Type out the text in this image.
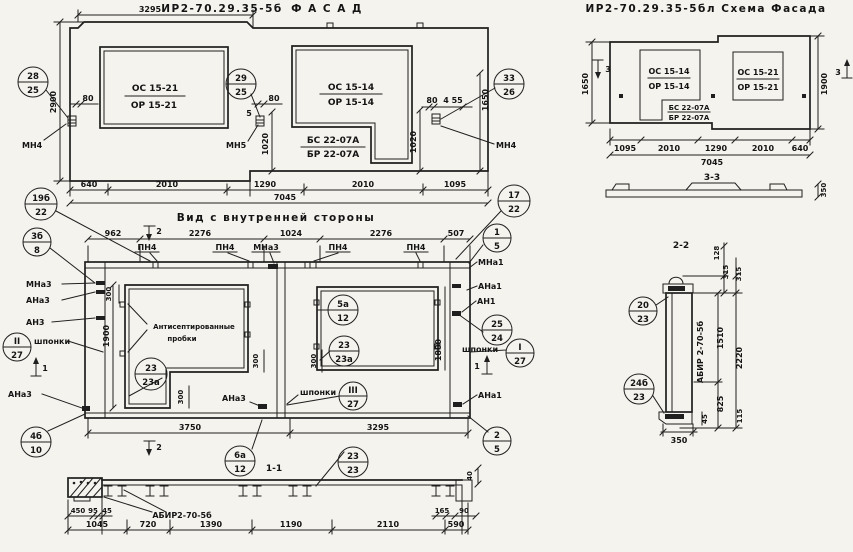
ИР2-70.29.35-5б Ф А С А Д
ОС 15-21
ОР 15-21
ОС 15-14
ОР 15-14
БС 22-07А
БР 22-07А
МН4	МН5	МН4
3295
2900	1650
80	80
5
80 4 55
1020	1020
640	2010	1290	2010	1095
7045
ИР2-70.29.35-5бл Схема Фасада
ОС 15-14
ОР 15-14
ОС 15-21
ОР 15-21
БС 22-07А
БР 22-07А
1650	1900
3	3
1095	2010	1290	2010 640
7045
3-3
350
Вид с внутренней стороны
962	2276	1024	2276	507
2
ПН4	ПН4	ПН4	ПН4
МНа3
Антисептированные
пробки
МНа3
АНа3
АН3
шпонки
МНа1
АНа1
АН1
АНа1
АНа3	АНа3
шпонки
шпонки
1900
300
300
300
300	1800
3750	3295
2
1	1
1-1
40
АБИР2-70-5б
450 95 45	165 90
1045	720	1390	1190	2110	590
2-2
АБИР 2-70-5б 1510
825
2220
128
315 315
115
45
350
28
25
29
25
33
26
19б
22
3б
8
17
22
1
5
II
27
23
23а
5а
12
23
23а
25
24
I
27
III
27
4б
10	6а
12
23
23
2
5
20
23
24б
23
